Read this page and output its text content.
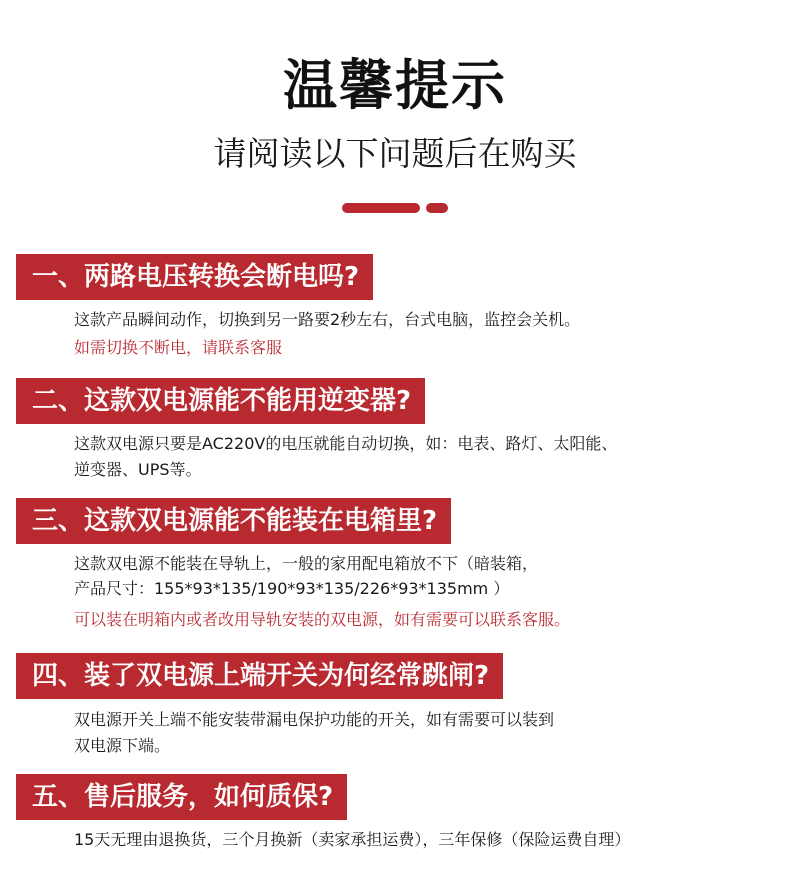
温馨提示
请阅读以下问题后在购买
一、两路电压转换会断电吗?
这款产品瞬间动作，切换到另一路要2秒左右，台式电脑，监控会关机。
如需切换不断电，请联系客服
二、这款双电源能不能用逆变器?
这款双电源只要是AC220V的电压就能自动切换，如：电表、路灯、太阳能、
逆变器、UPS等。
三、这款双电源能不能装在电箱里?
这款双电源不能装在导轨上，一般的家用配电箱放不下（暗装箱，
产品尺寸：155*93*135/190*93*135/226*93*135mm ）
可以装在明箱内或者改用导轨安装的双电源，如有需要可以联系客服。
四、装了双电源上端开关为何经常跳闸?
双电源开关上端不能安装带漏电保护功能的开关，如有需要可以装到
双电源下端。
五、售后服务，如何质保?
15天无理由退换货，三个月换新（卖家承担运费），三年保修（保险运费自理）
